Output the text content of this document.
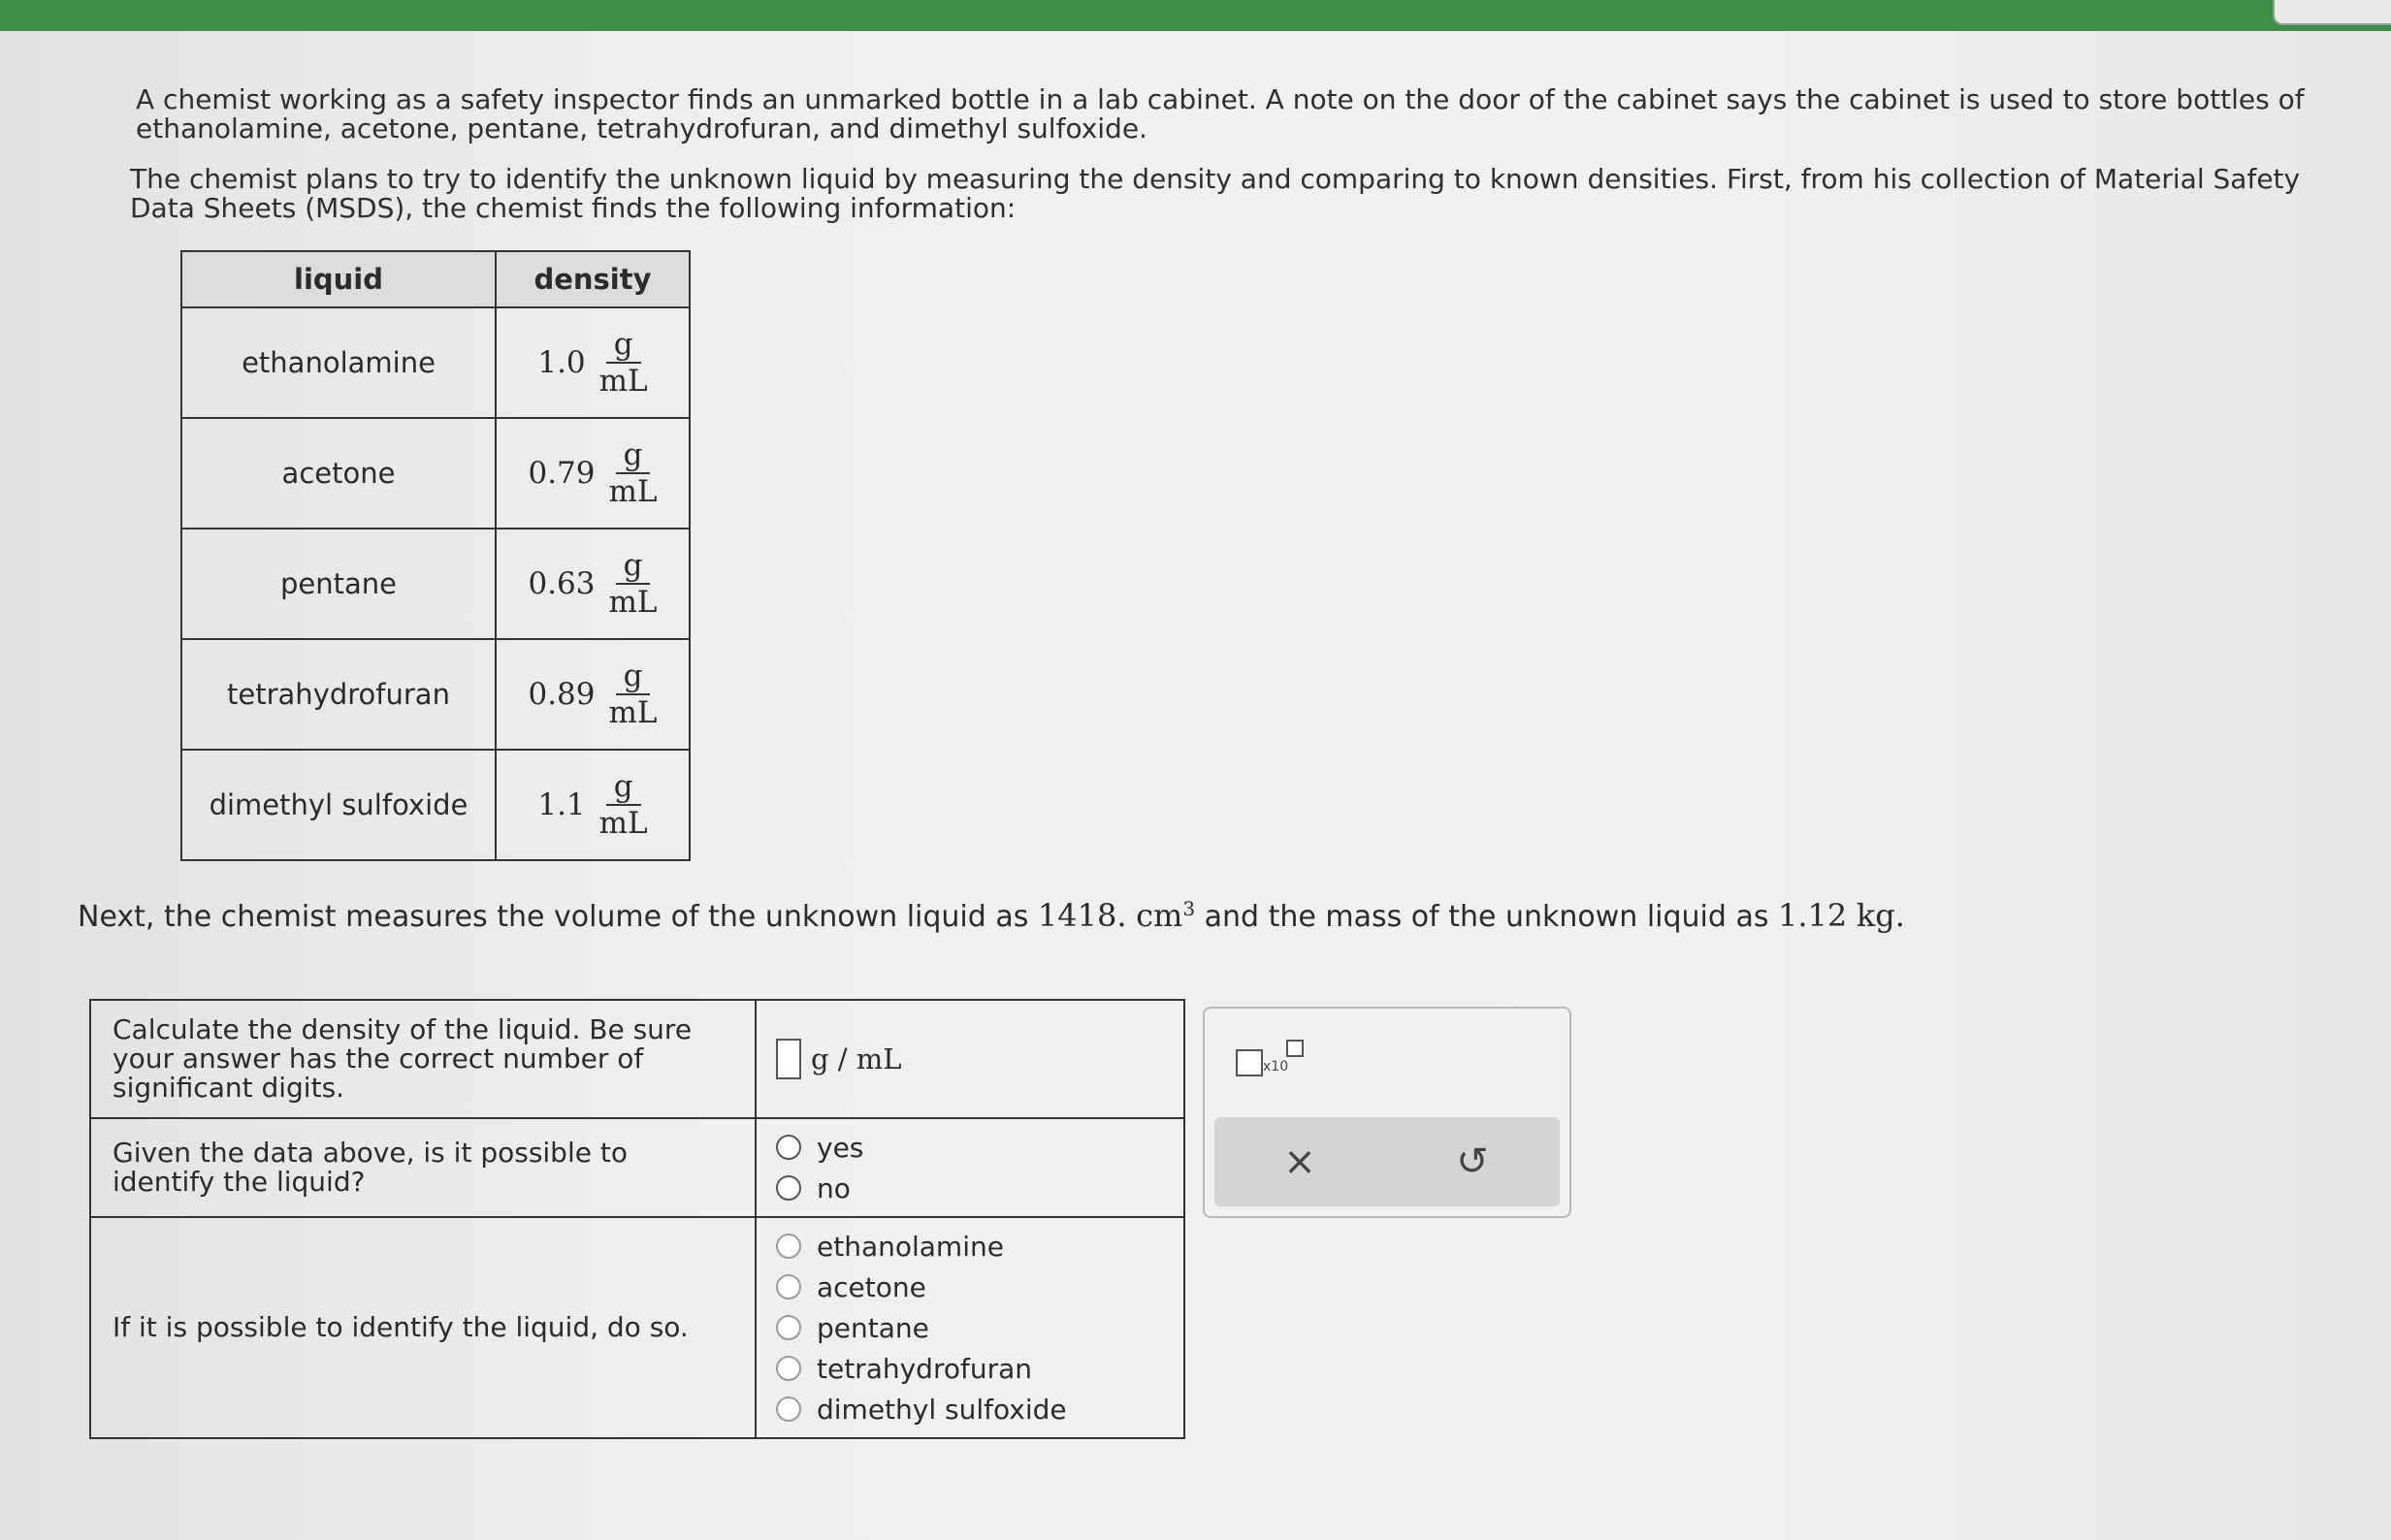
A chemist working as a safety inspector finds an unmarked bottle in a lab cabinet. A note on the door of the cabinet says the cabinet is used to store bottles of ethanolamine, acetone, pentane, tetrahydrofuran, and dimethyl sulfoxide.
The chemist plans to try to identify the unknown liquid by measuring the density and comparing to known densities. First, from his collection of Material Safety Data Sheets (MSDS), the chemist finds the following information:
liquid	density
ethanolamine	$1.0 \frac{g}{mL}$

acetone	$0.79 \frac{g}{mL}$

pentane	$0.63 \frac{g}{mL}$

tetrahydrofuran	$0.89 \frac{g}{mL}$

dimethyl sulfoxide	$1.1 \frac{g}{mL}$
Next, the chemist measures the volume of the unknown liquid as 1418. $cm^3$ and the mass of the unknown liquid as 1.12 kg.
Calculate the density of the liquid. Be sure your answer has the correct number of significant digits.	g / mL
Given the data above, is it possible to identify the liquid?	yes
no

If it is possible to identify the liquid, do so.	ethanolamine
acetone
pentane
tetrahydrofuran
dimethyl sulfoxide
x10
×	↺
